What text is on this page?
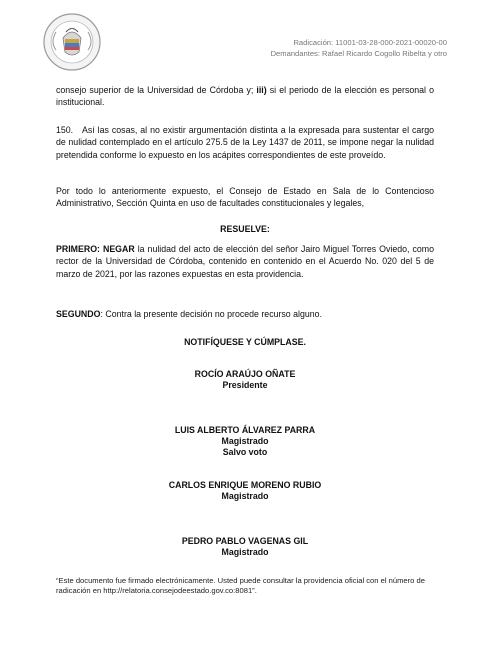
Radicación: 11001-03-28-000-2021-00020-00
Demandantes: Rafael Ricardo Cogollo Ribelta y otro

consejo superior de la Universidad de Córdoba y; iii) si el periodo de la elección es personal o institucional.

150. Así las cosas, al no existir argumentación distinta a la expresada para sustentar el cargo de nulidad contemplado en el artículo 275.5 de la Ley 1437 de 2011, se impone negar la nulidad pretendida conforme lo expuesto en los acápites correspondientes de este proveído.

Por todo lo anteriormente expuesto, el Consejo de Estado en Sala de lo Contencioso Administrativo, Sección Quinta en uso de facultades constitucionales y legales,

RESUELVE:

PRIMERO: NEGAR la nulidad del acto de elección del señor Jairo Miguel Torres Oviedo, como rector de la Universidad de Córdoba, contenido en contenido en el Acuerdo No. 020 del 5 de marzo de 2021, por las razones expuestas en esta providencia.

SEGUNDO: Contra la presente decisión no procede recurso alguno.

NOTIFÍQUESE Y CÚMPLASE.

ROCÍO ARAÚJO OÑATE
Presidente
LUIS ALBERTO ÁLVAREZ PARRA
Magistrado
Salvo voto
CARLOS ENRIQUE MORENO RUBIO
Magistrado
PEDRO PABLO VAGENAS GIL
Magistrado

“Este documento fue firmado electrónicamente. Usted puede consultar la providencia oficial con el número de radicación en http://relatoria.consejodeestado.gov.co:8081”.
